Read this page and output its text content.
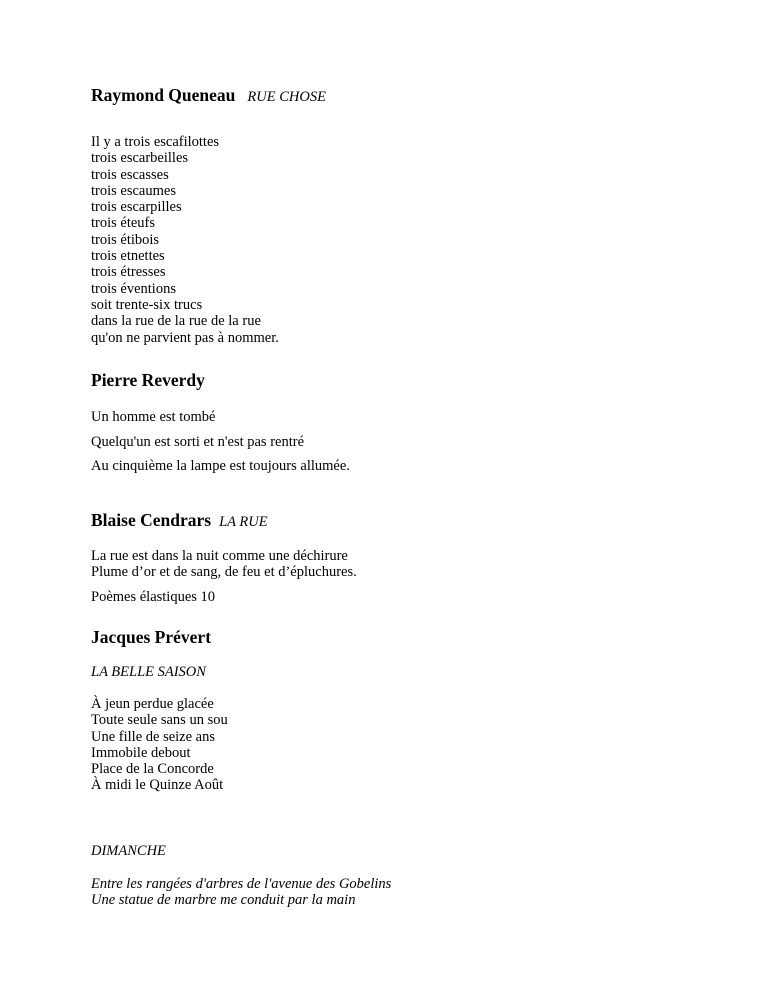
Raymond Queneau RUE CHOSE
Il y a trois escafilottes
trois escarbeilles
trois escasses
trois escaumes
trois escarpilles
trois éteufs
trois étibois
trois etnettes
trois étresses
trois éventions
soit trente-six trucs
dans la rue de la rue de la rue
qu'on ne parvient pas à nommer.
Pierre Reverdy
Un homme est tombé
Quelqu'un est sorti et n'est pas rentré
Au cinquième la lampe est toujours allumée.
Blaise Cendrars LA RUE
La rue est dans la nuit comme une déchirure
Plume d’or et de sang, de feu et d’épluchures.
Poèmes élastiques 10
Jacques Prévert
LA BELLE SAISON
À jeun perdue glacée
Toute seule sans un sou
Une fille de seize ans
Immobile debout
Place de la Concorde
À midi le Quinze Août
DIMANCHE
Entre les rangées d'arbres de l'avenue des Gobelins
Une statue de marbre me conduit par la main
